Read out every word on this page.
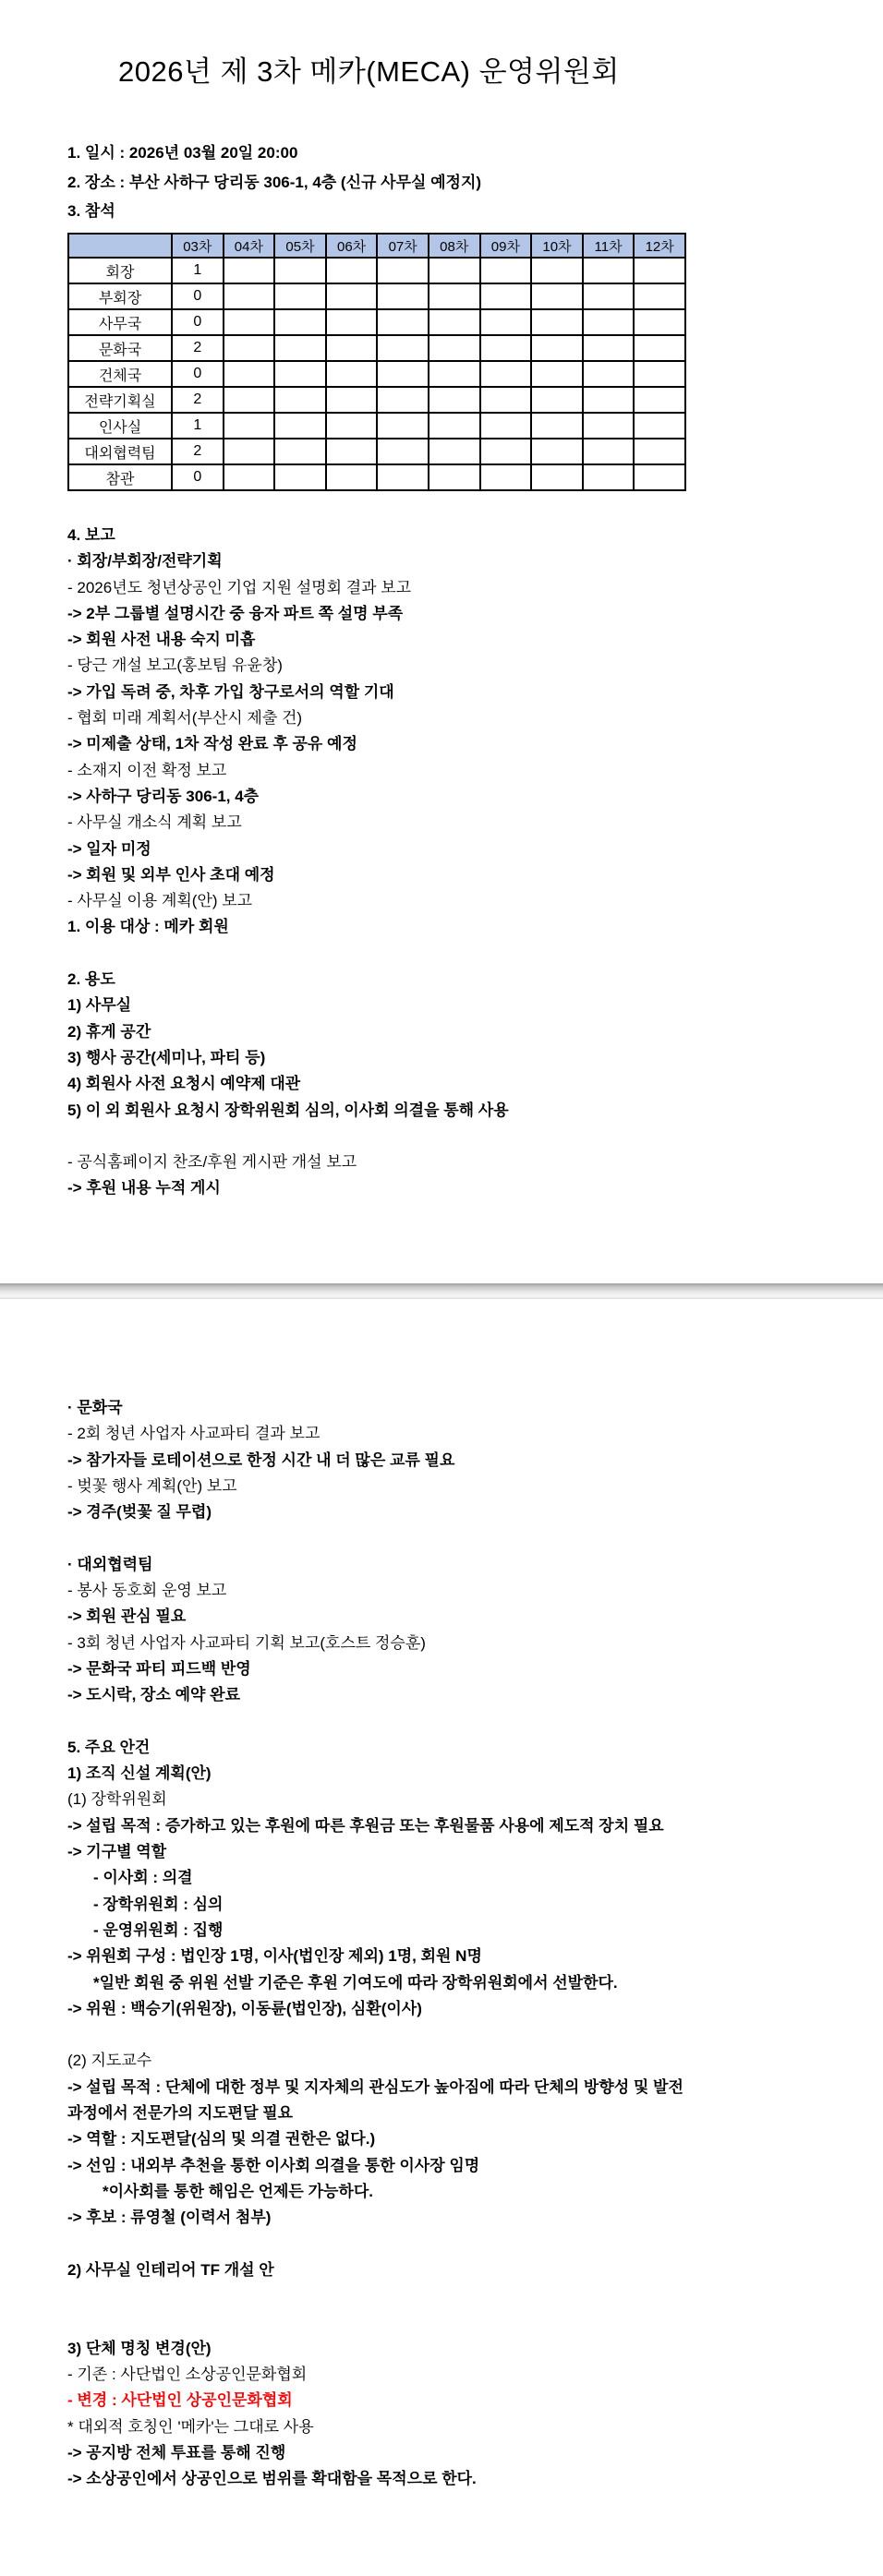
2026년 제 3차 메카(MECA) 운영위원회
1. 일시 : 2026년 03월 20일 20:00
2. 장소 : 부산 사하구 당리동 306-1, 4층 (신규 사무실 예정지)
3. 참석
	03차	04차	05차	06차	07차	08차	09차	10차	11차	12차
회장	1									
부회장	0									
사무국	0									
문화국	2									
건체국	0									
전략기획실	2									
인사실	1									
대외협력팀	2									
참관	0									
4. 보고
· 회장/부회장/전략기획
- 2026년도 청년상공인 기업 지원 설명회 결과 보고
-> 2부 그룹별 설명시간 중 융자 파트 쪽 설명 부족
-> 회원 사전 내용 숙지 미흡
- 당근 개설 보고(홍보팀 유윤창)
-> 가입 독려 중, 차후 가입 창구로서의 역할 기대
- 협회 미래 계획서(부산시 제출 건)
-> 미제출 상태, 1차 작성 완료 후 공유 예정
- 소재지 이전 확정 보고
-> 사하구 당리동 306-1, 4층
- 사무실 개소식 계획 보고
-> 일자 미정
-> 회원 및 외부 인사 초대 예정
- 사무실 이용 계획(안) 보고
1. 이용 대상 : 메카 회원
2. 용도
1) 사무실
2) 휴게 공간
3) 행사 공간(세미나, 파티 등)
4) 회원사 사전 요청시 예약제 대관
5) 이 외 회원사 요청시 장학위원회 심의, 이사회 의결을 통해 사용
- 공식홈페이지 찬조/후원 게시판 개설 보고
-> 후원 내용 누적 게시
· 문화국
- 2회 청년 사업자 사교파티 결과 보고
-> 참가자들 로테이션으로 한정 시간 내 더 많은 교류 필요
- 벚꽃 행사 계획(안) 보고
-> 경주(벚꽃 질 무렵)
· 대외협력팀
- 봉사 동호회 운영 보고
-> 회원 관심 필요
- 3회 청년 사업자 사교파티 기획 보고(호스트 정승훈)
-> 문화국 파티 피드백 반영
-> 도시락, 장소 예약 완료
5. 주요 안건
1) 조직 신설 계획(안)
(1) 장학위원회
-> 설립 목적 : 증가하고 있는 후원에 따른 후원금 또는 후원물품 사용에 제도적 장치 필요
-> 기구별 역할
- 이사회 : 의결
- 장학위원회 : 심의
- 운영위원회 : 집행
-> 위원회 구성 : 법인장 1명, 이사(법인장 제외) 1명, 회원 N명
*일반 회원 중 위원 선발 기준은 후원 기여도에 따라 장학위원회에서 선발한다.
-> 위원 : 백승기(위원장), 이동륜(법인장), 심환(이사)
(2) 지도교수
-> 설립 목적 : 단체에 대한 정부 및 지자체의 관심도가 높아짐에 따라 단체의 방향성 및 발전
과정에서 전문가의 지도편달 필요
-> 역할 : 지도편달(심의 및 의결 권한은 없다.)
-> 선임 : 내외부 추천을 통한 이사회 의결을 통한 이사장 임명
*이사회를 통한 해임은 언제든 가능하다.
-> 후보 : 류영철 (이력서 첨부)
2) 사무실 인테리어 TF 개설 안
3) 단체 명칭 변경(안)
- 기존 : 사단법인 소상공인문화협회
- 변경 : 사단법인 상공인문화협회
* 대외적 호칭인 '메카'는 그대로 사용
-> 공지방 전체 투표를 통해 진행
-> 소상공인에서 상공인으로 범위를 확대함을 목적으로 한다.
